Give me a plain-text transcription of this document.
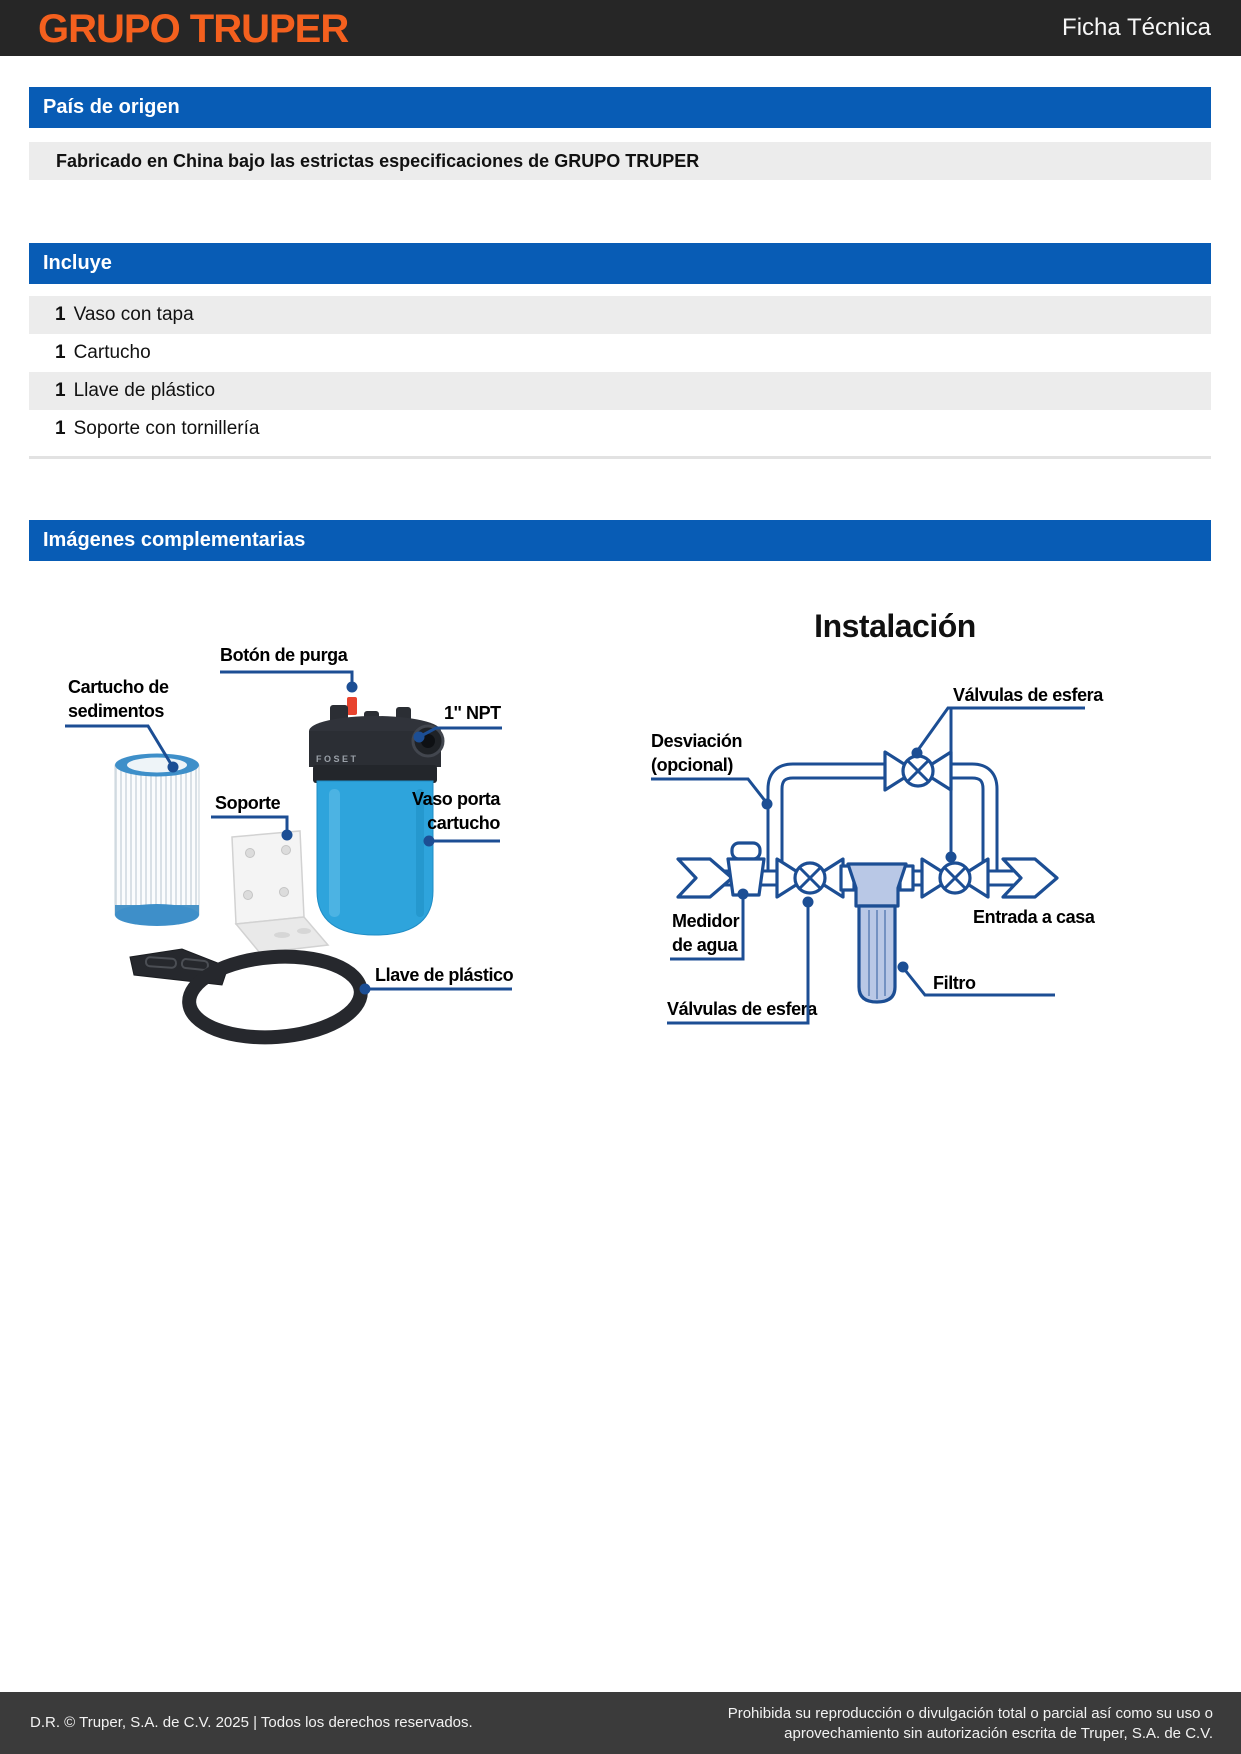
GRUPO TRUPER	Ficha Técnica
País de origen
Fabricado en China bajo las estrictas especificaciones de GRUPO TRUPER
Incluye
1 Vaso con tapa
1 Cartucho
1 Llave de plástico
1 Soporte con tornillería
Imágenes complementarias
FOSET
Botón de purga
Cartucho de
sedimentos	1'' NPT
Soporte	Vaso porta
cartucho
Llave de plástico
Instalación
Válvulas de esfera
Desviación
(opcional)
Medidor
de agua
Válvulas de esfera
Entrada a casa
Filtro
D.R. © Truper, S.A. de C.V. 2025 | Todos los derechos reservados.
Prohibida su reproducción o divulgación total o parcial así como su uso o
aprovechamiento sin autorización escrita de Truper, S.A. de C.V.
